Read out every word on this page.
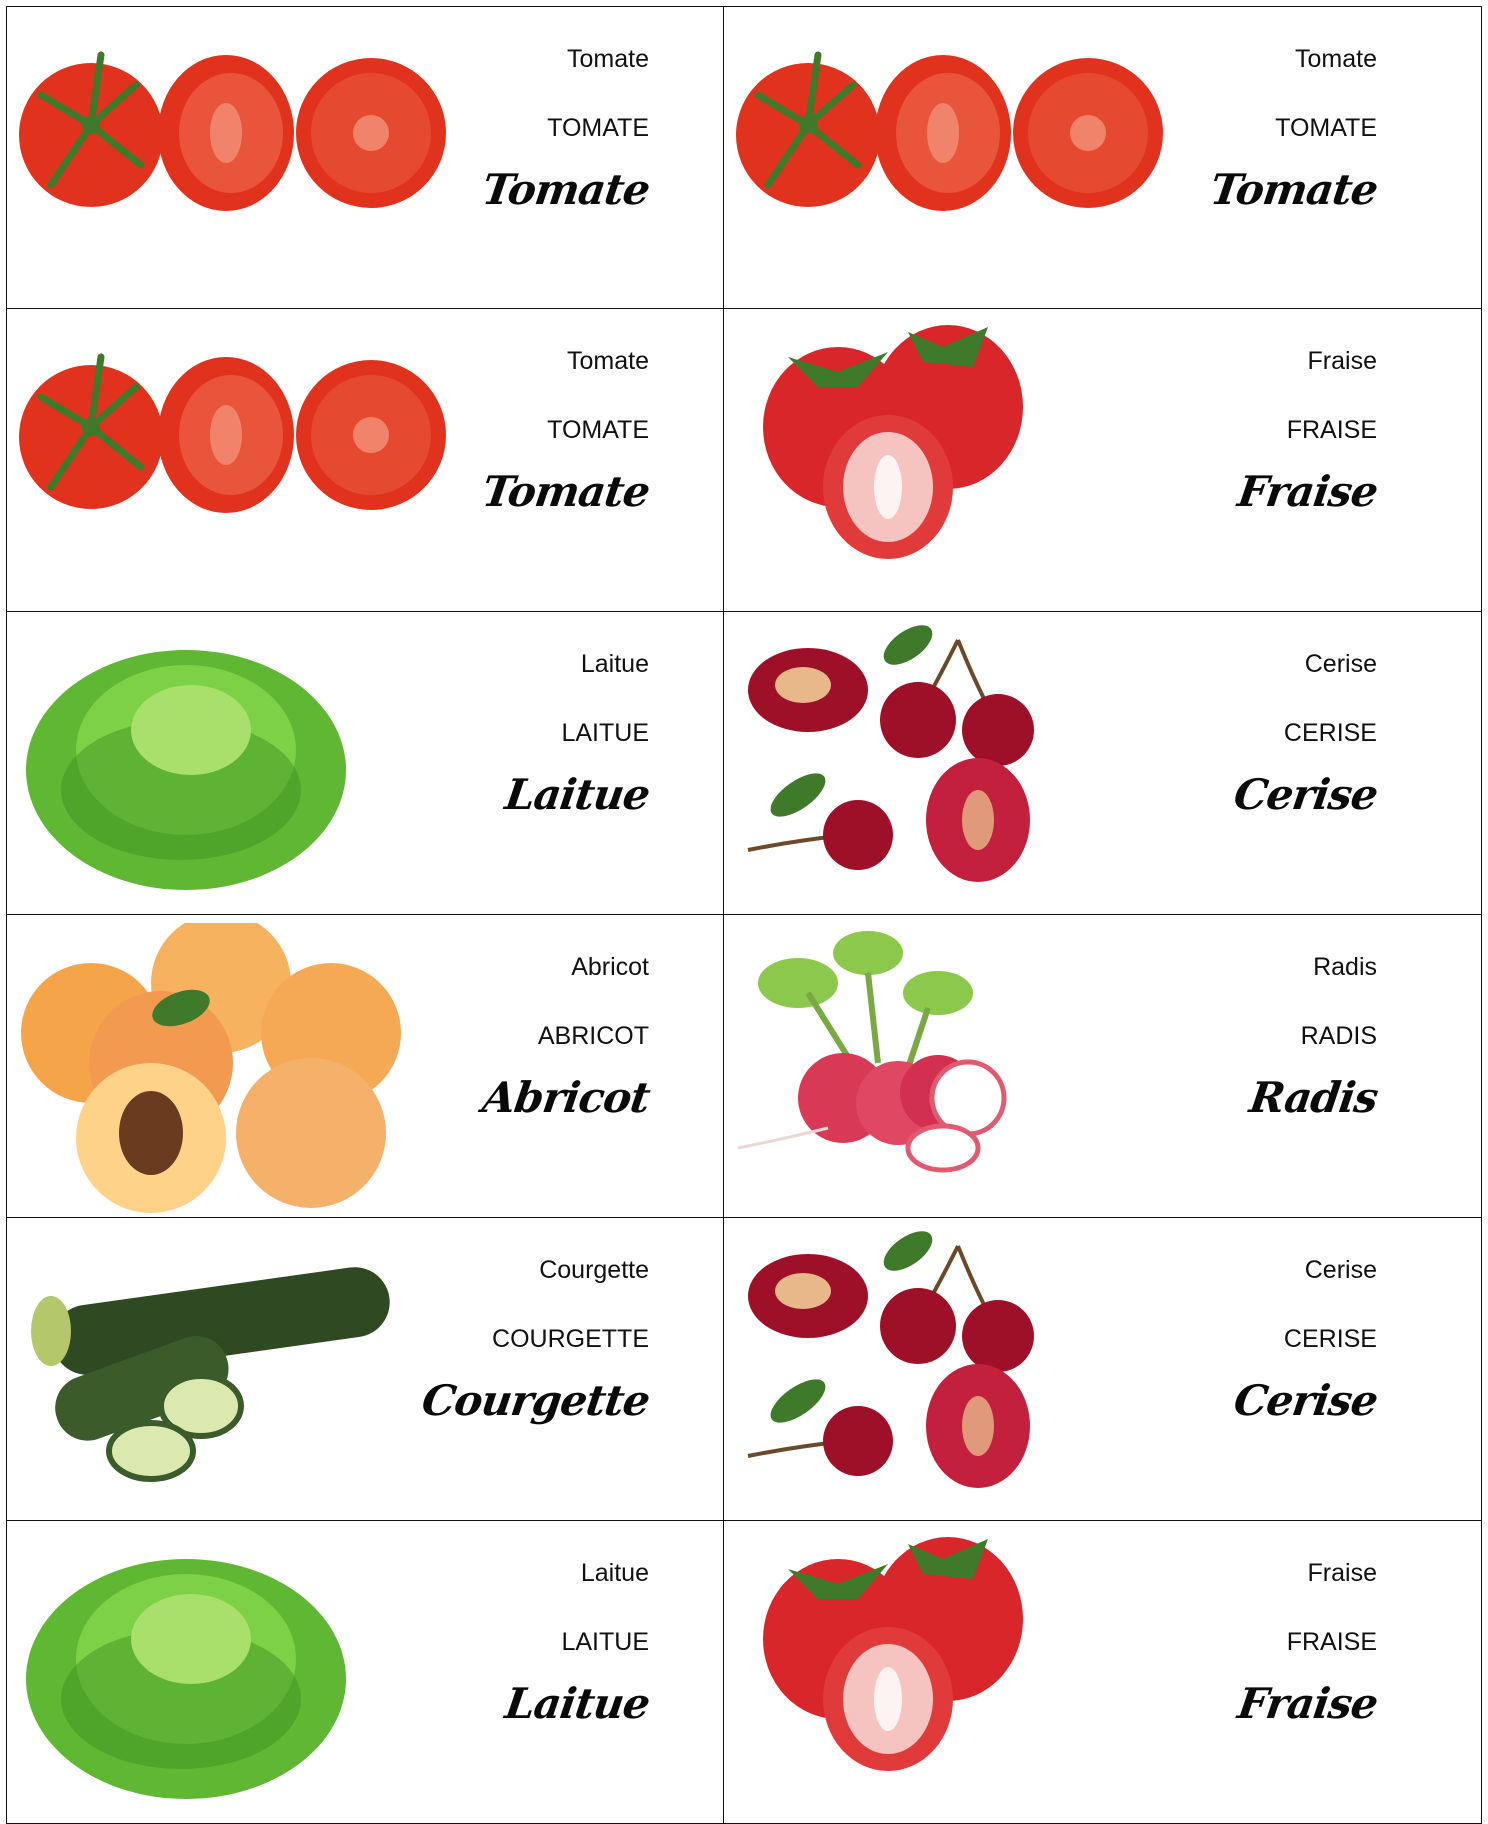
Tomate
TOMATE
Tomate
Tomate
TOMATE
Tomate
Tomate
TOMATE
Tomate
Fraise
FRAISE
Fraise
Laitue
LAITUE
Laitue
Cerise
CERISE
Cerise
Abricot
ABRICOT
Abricot
Radis
RADIS
Radis
Courgette
COURGETTE
Courgette
Cerise
CERISE
Cerise
Laitue
LAITUE
Laitue
Fraise
FRAISE
Fraise
